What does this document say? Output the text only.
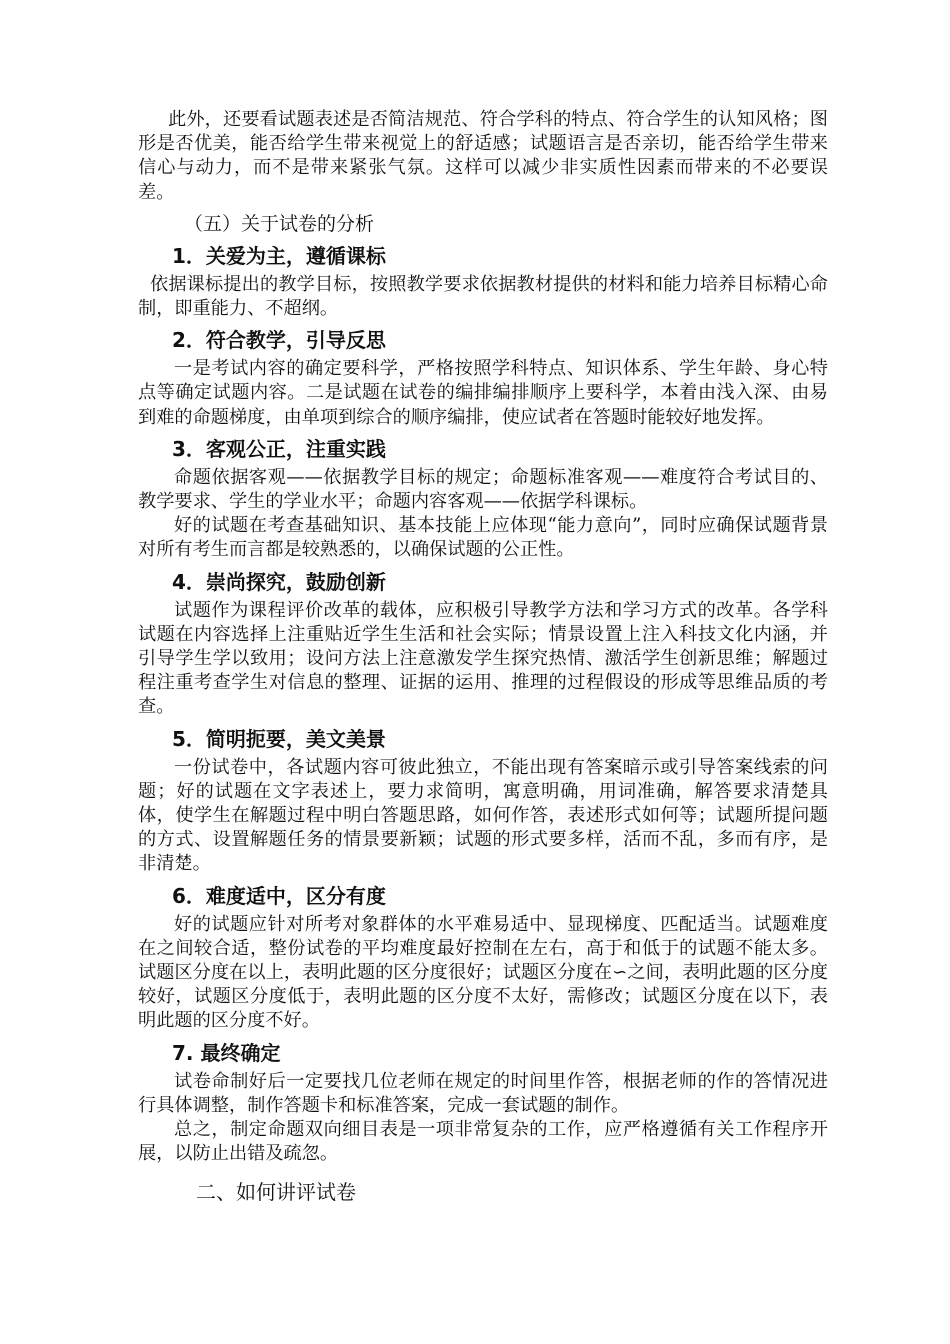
此外，还要看试题表述是否简洁规范、符合学科的特点、符合学生的认知风格；图形是否优美，能否给学生带来视觉上的舒适感；试题语言是否亲切，能否给学生带来信心与动力，而不是带来紧张气氛。这样可以减少非实质性因素而带来的不必要误差。

（五）关于试卷的分析
1．关爱为主，遵循课标

依据课标提出的教学目标，按照教学要求依据教材提供的材料和能力培养目标精心命制，即重能力、不超纲。

2．符合教学，引导反思

一是考试内容的确定要科学，严格按照学科特点、知识体系、学生年龄、身心特点等确定试题内容。二是试题在试卷的编排编排顺序上要科学，本着由浅入深、由易到难的命题梯度，由单项到综合的顺序编排，使应试者在答题时能较好地发挥。

3．客观公正，注重实践

命题依据客观——依据教学目标的规定；命题标准客观——难度符合考试目的、教学要求、学生的学业水平；命题内容客观——依据学科课标。

好的试题在考查基础知识、基本技能上应体现“能力意向”，同时应确保试题背景对所有考生而言都是较熟悉的，以确保试题的公正性。

4．崇尚探究，鼓励创新

试题作为课程评价改革的载体，应积极引导教学方法和学习方式的改革。各学科试题在内容选择上注重贴近学生生活和社会实际；情景设置上注入科技文化内涵，并引导学生学以致用；设问方法上注意激发学生探究热情、激活学生创新思维；解题过程注重考查学生对信息的整理、证据的运用、推理的过程假设的形成等思维品质的考查。

5．简明扼要，美文美景

一份试卷中，各试题内容可彼此独立，不能出现有答案暗示或引导答案线索的问题；好的试题在文字表述上，要力求简明，寓意明确，用词准确，解答要求清楚具体，使学生在解题过程中明白答题思路，如何作答，表述形式如何等；试题所提问题的方式、设置解题任务的情景要新颖；试题的形式要多样，活而不乱，多而有序，是非清楚。

6．难度适中，区分有度

好的试题应针对所考对象群体的水平难易适中、显现梯度、匹配适当。试题难度在之间较合适，整份试卷的平均难度最好控制在左右，高于和低于的试题不能太多。试题区分度在以上，表明此题的区分度很好；试题区分度在∽之间，表明此题的区分度较好，试题区分度低于，表明此题的区分度不太好，需修改；试题区分度在以下，表明此题的区分度不好。

7. 最终确定

试卷命制好后一定要找几位老师在规定的时间里作答，根据老师的作的答情况进行具体调整，制作答题卡和标准答案，完成一套试题的制作。

总之，制定命题双向细目表是一项非常复杂的工作，应严格遵循有关工作程序开展，以防止出错及疏忽。

二、如何讲评试卷
